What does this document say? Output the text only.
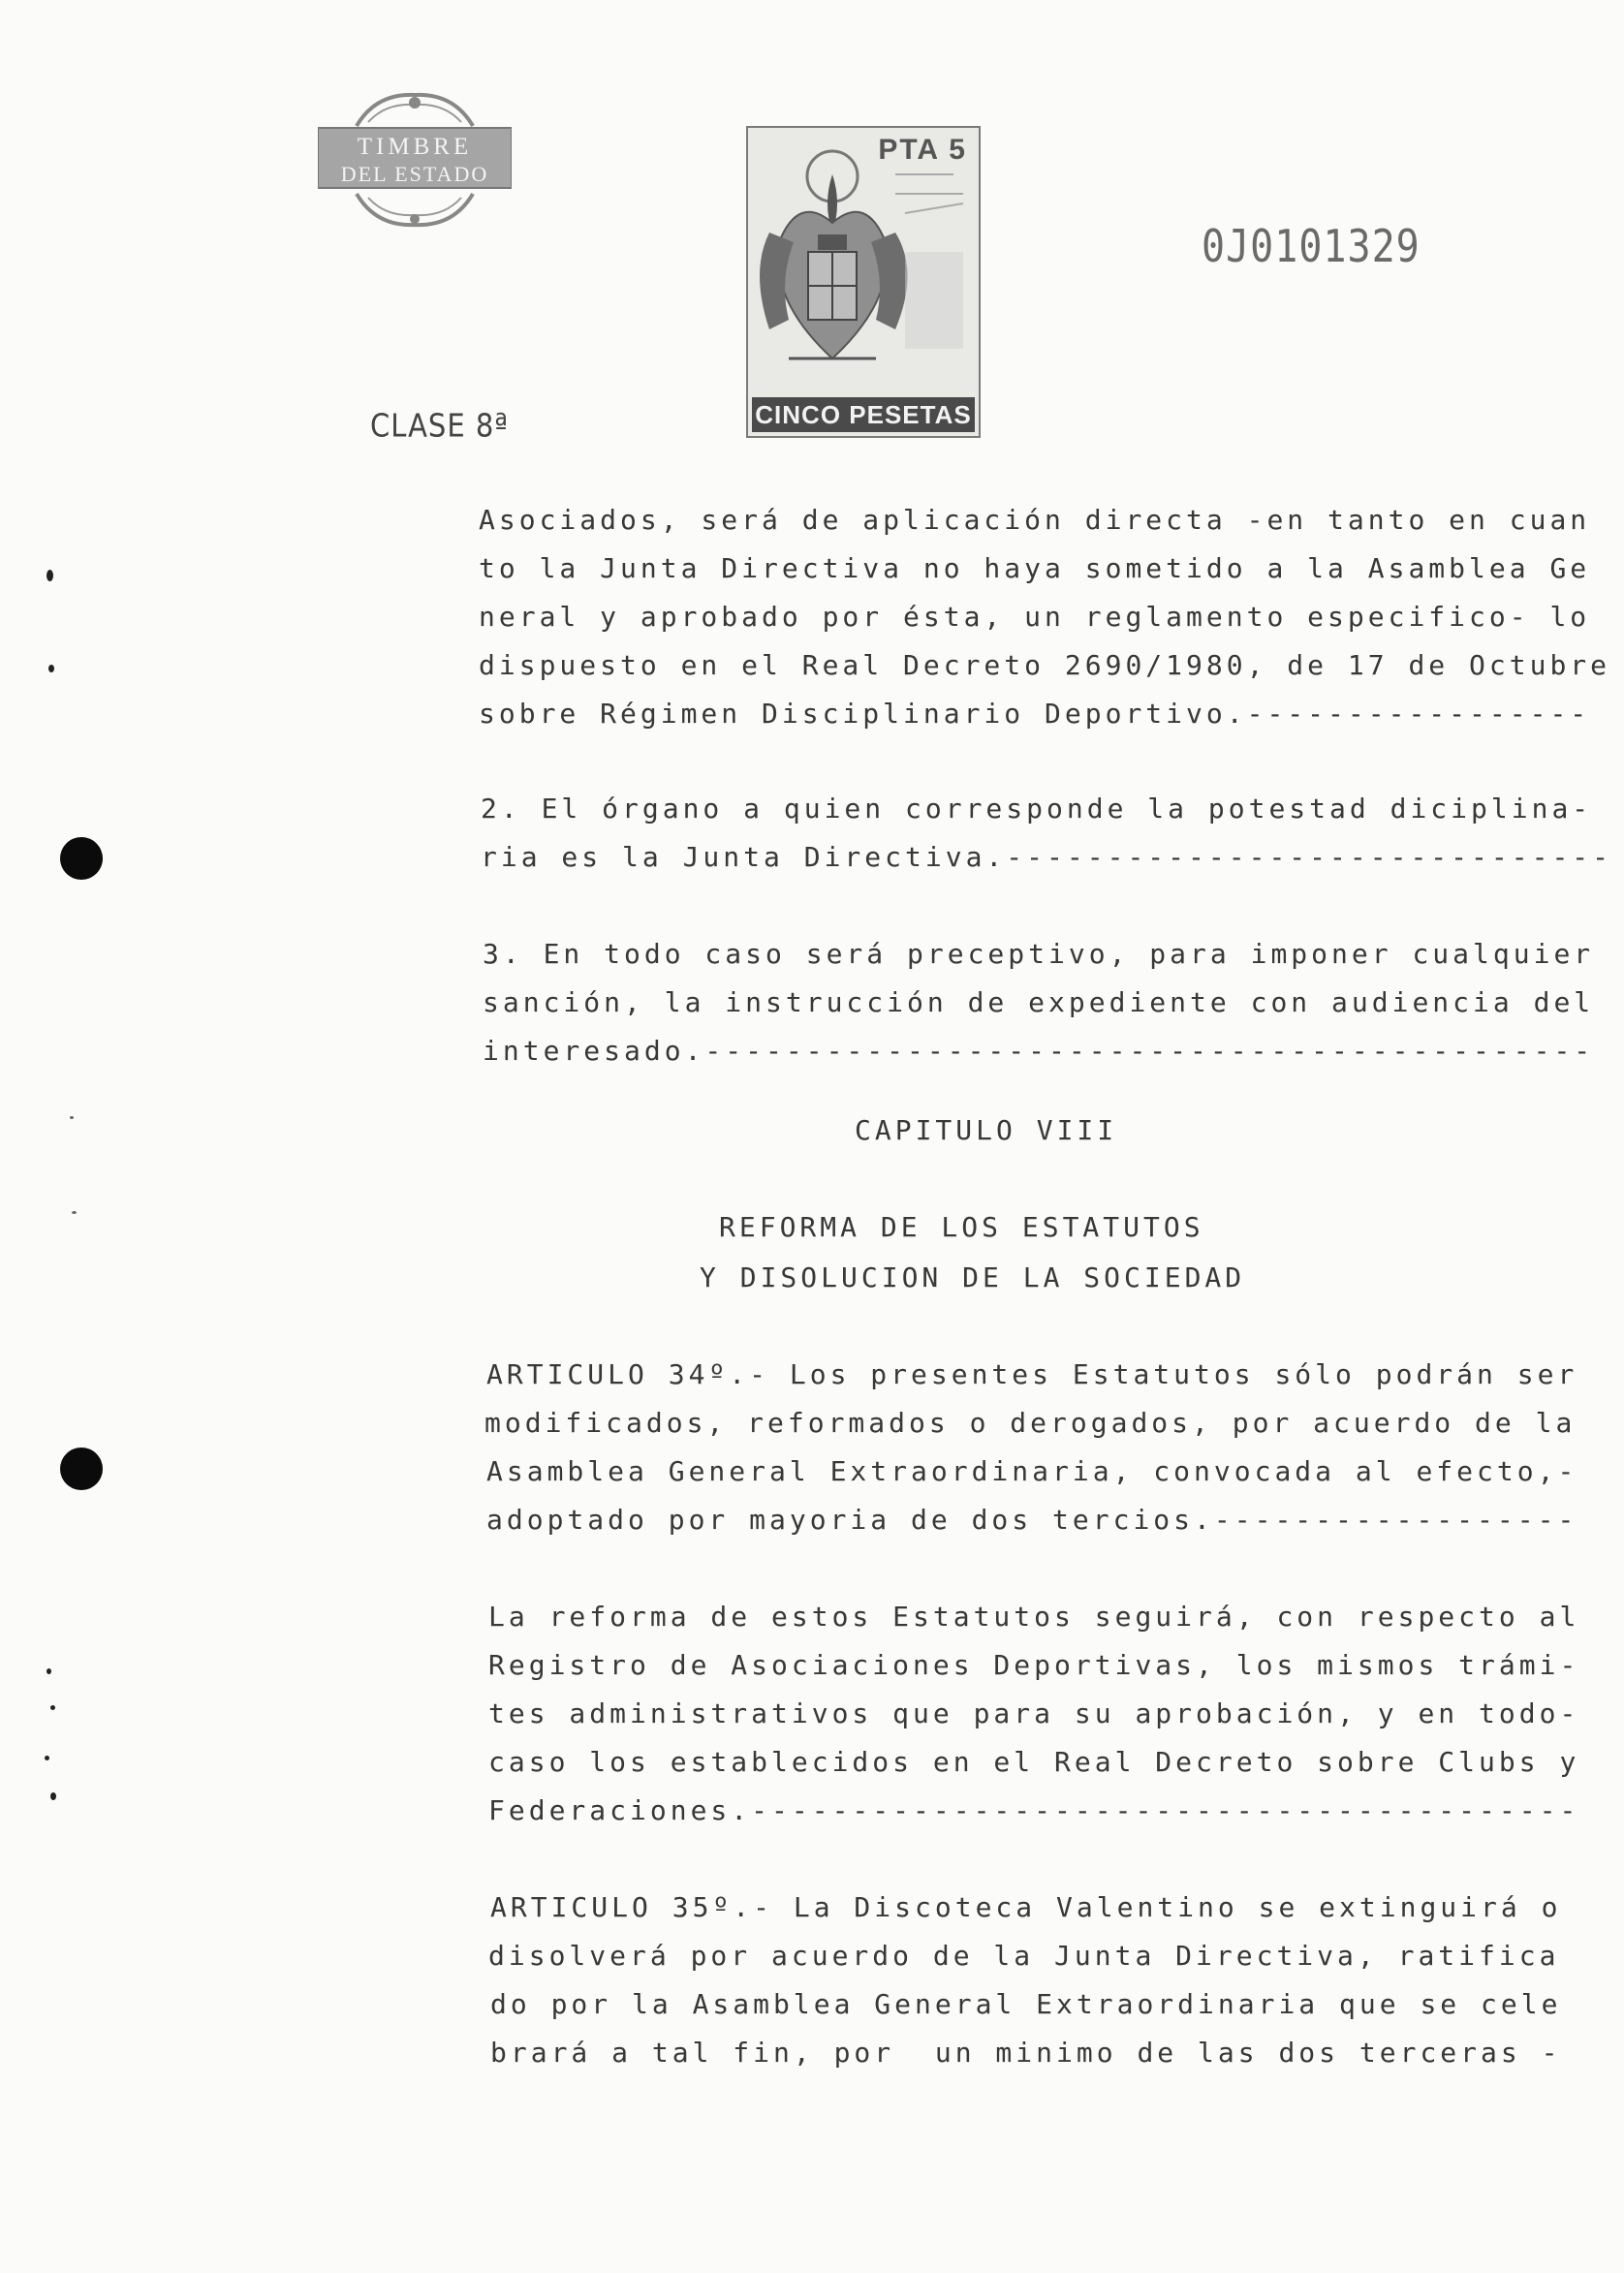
TIMBRE
DEL ESTADO
PTA 5
CINCO PESETAS
0J0101329
CLASE 8ª
Asociados, será de aplicación directa -en tanto en cuan
to la Junta Directiva no haya sometido a la Asamblea Ge
neral y aprobado por ésta, un reglamento especifico- lo
dispuesto en el Real Decreto 2690/1980, de 17 de Octubre
sobre Régimen Disciplinario Deportivo.-----------------
2. El órgano a quien corresponde la potestad diciplina-
ria es la Junta Directiva.------------------------------
3. En todo caso será preceptivo, para imponer cualquier
sanción, la instrucción de expediente con audiencia del
interesado.--------------------------------------------
CAPITULO VIII
REFORMA DE LOS ESTATUTOS
Y DISOLUCION DE LA SOCIEDAD
ARTICULO 34º.- Los presentes Estatutos sólo podrán ser
modificados, reformados o derogados, por acuerdo de la
Asamblea General Extraordinaria, convocada al efecto,-
adoptado por mayoria de dos tercios.------------------
La reforma de estos Estatutos seguirá, con respecto al
Registro de Asociaciones Deportivas, los mismos trámi-
tes administrativos que para su aprobación, y en todo-
caso los establecidos en el Real Decreto sobre Clubs y
Federaciones.-----------------------------------------
ARTICULO 35º.- La Discoteca Valentino se extinguirá o
disolverá por acuerdo de la Junta Directiva, ratifica
do por la Asamblea General Extraordinaria que se cele
brará a tal fin, por  un minimo de las dos terceras -
